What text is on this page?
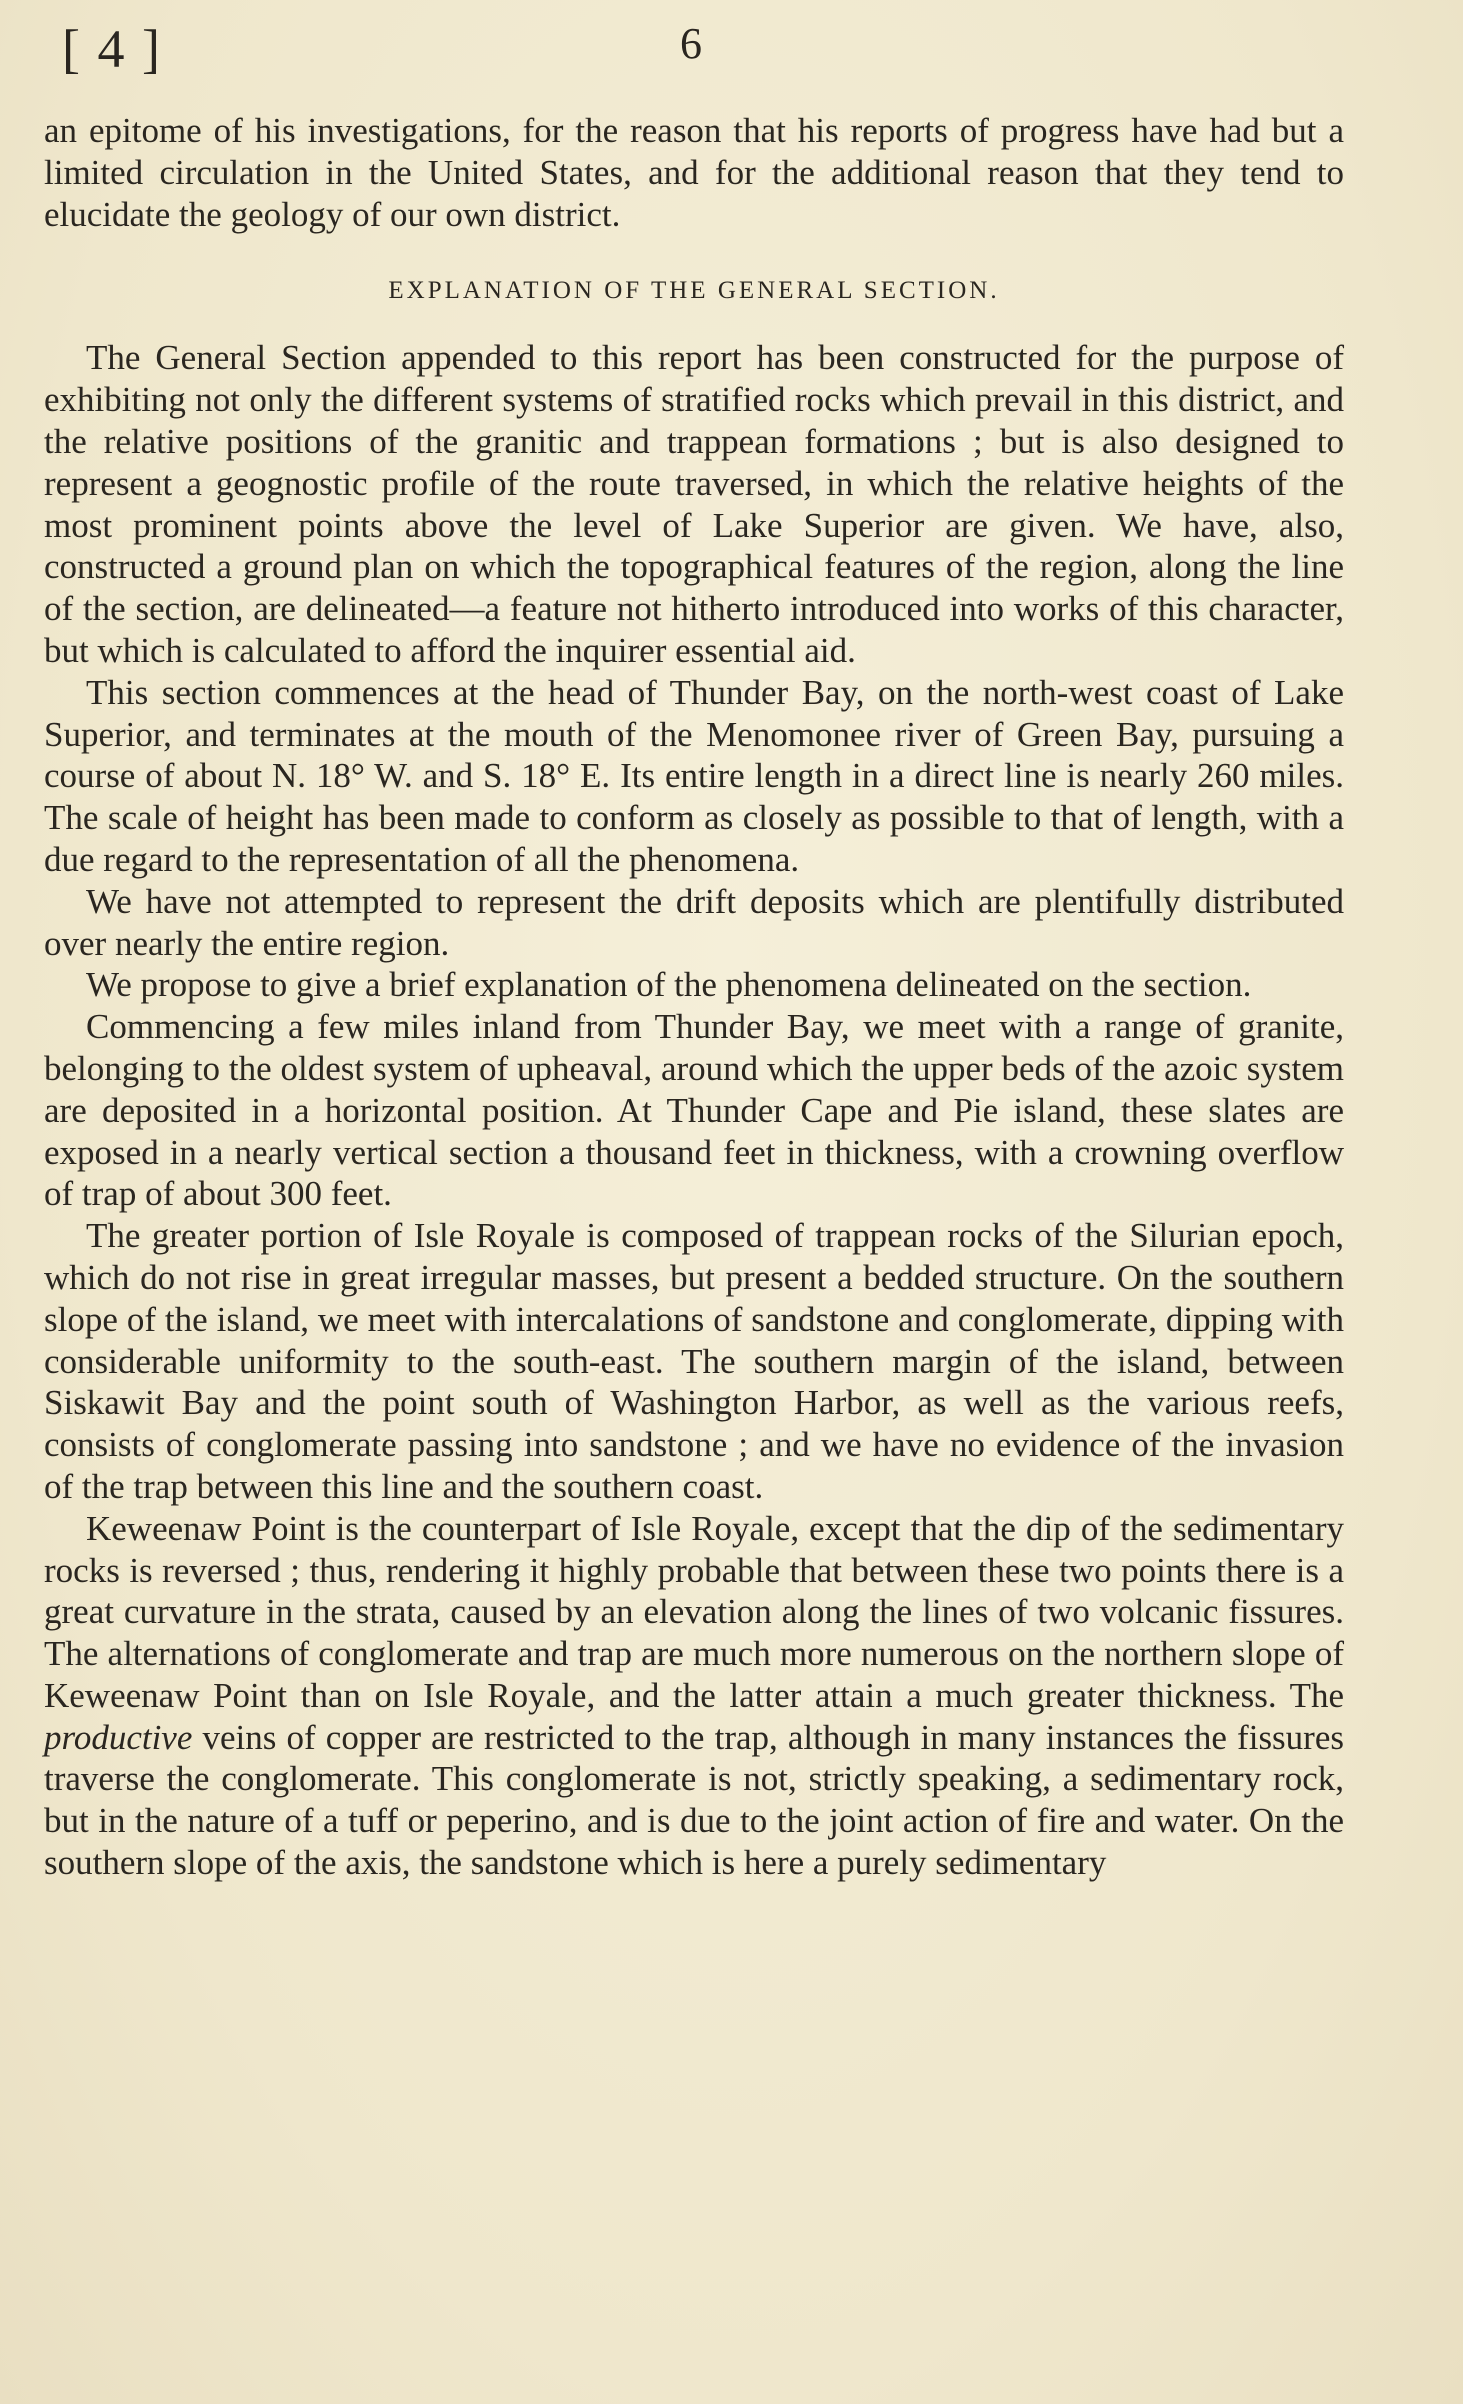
[ 4 ]	6

an epitome of his investigations, for the reason that his reports of progress have had but a limited circulation in the United States, and for the additional reason that they tend to elucidate the geology of our own district.

EXPLANATION OF THE GENERAL SECTION.

The General Section appended to this report has been constructed for the purpose of exhibiting not only the different systems of stratified rocks which prevail in this district, and the relative positions of the granitic and trappean formations ; but is also designed to represent a geognostic profile of the route traversed, in which the relative heights of the most prominent points above the level of Lake Superior are given. We have, also, constructed a ground plan on which the topographical features of the region, along the line of the section, are delineated—a feature not hitherto introduced into works of this character, but which is calculated to afford the inquirer essential aid.

This section commences at the head of Thunder Bay, on the north-west coast of Lake Superior, and terminates at the mouth of the Menomonee river of Green Bay, pursuing a course of about N. 18° W. and S. 18° E. Its entire length in a direct line is nearly 260 miles. The scale of height has been made to conform as closely as possible to that of length, with a due regard to the representation of all the phenomena.

We have not attempted to represent the drift deposits which are plentifully distributed over nearly the entire region.

We propose to give a brief explanation of the phenomena delineated on the section.

Commencing a few miles inland from Thunder Bay, we meet with a range of granite, belonging to the oldest system of upheaval, around which the upper beds of the azoic system are deposited in a horizontal position. At Thunder Cape and Pie island, these slates are exposed in a nearly vertical section a thousand feet in thickness, with a crowning overflow of trap of about 300 feet.

The greater portion of Isle Royale is composed of trappean rocks of the Silurian epoch, which do not rise in great irregular masses, but present a bedded structure. On the southern slope of the island, we meet with intercalations of sandstone and conglomerate, dipping with considerable uniformity to the south-east. The southern margin of the island, between Siskawit Bay and the point south of Washington Harbor, as well as the various reefs, consists of conglomerate passing into sandstone ; and we have no evidence of the invasion of the trap between this line and the southern coast.

Keweenaw Point is the counterpart of Isle Royale, except that the dip of the sedimentary rocks is reversed ; thus, rendering it highly probable that between these two points there is a great curvature in the strata, caused by an elevation along the lines of two volcanic fissures. The alternations of conglomerate and trap are much more numerous on the northern slope of Keweenaw Point than on Isle Royale, and the latter attain a much greater thickness. The productive veins of copper are restricted to the trap, although in many instances the fissures traverse the conglomerate. This conglomerate is not, strictly speaking, a sedimentary rock, but in the nature of a tuff or peperino, and is due to the joint action of fire and water. On the southern slope of the axis, the sandstone which is here a purely sedimentary
